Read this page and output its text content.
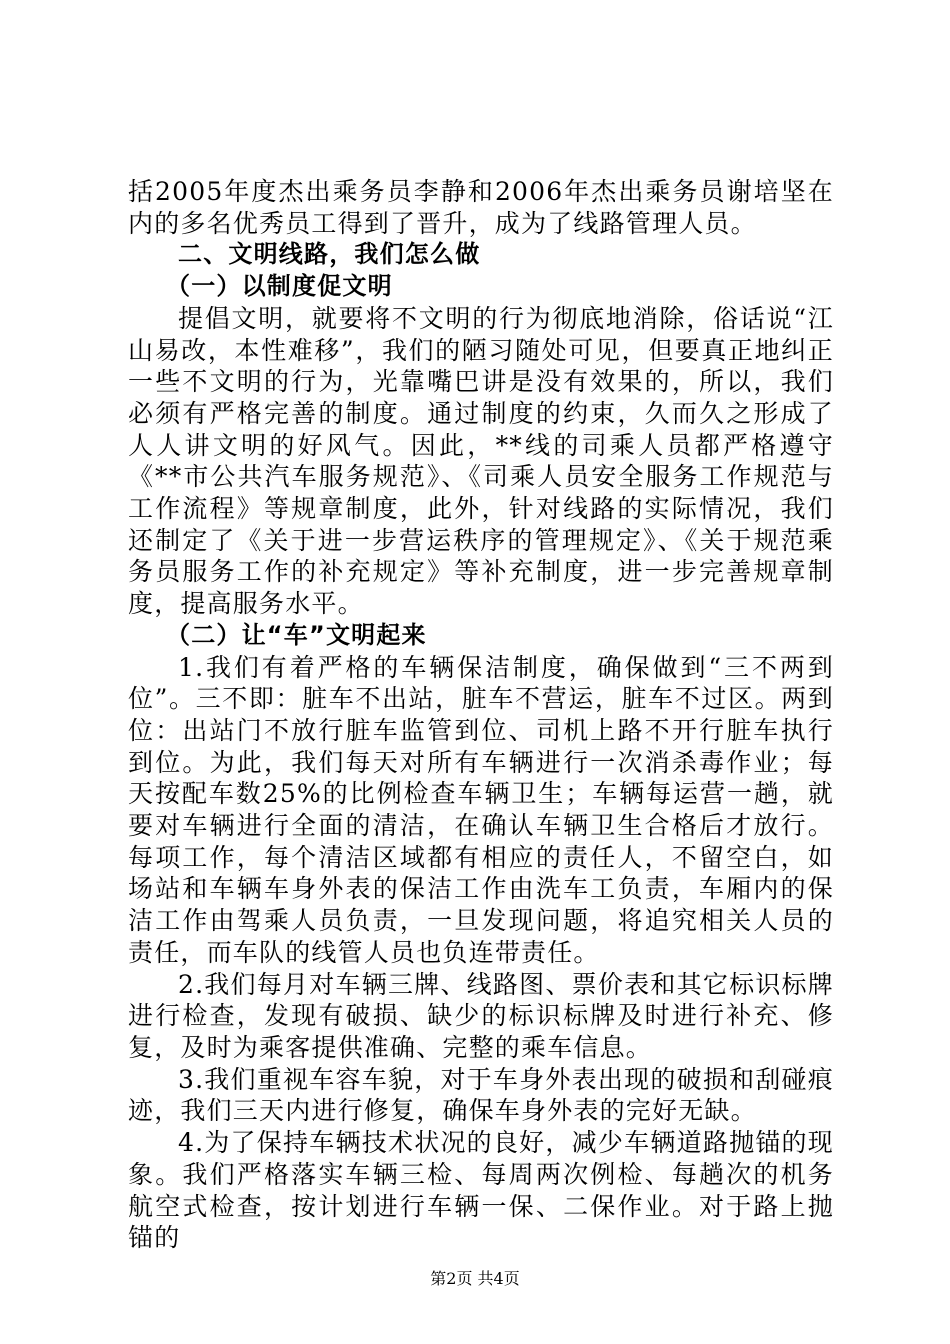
括2005年度杰出乘务员李静和2006年杰出乘务员谢培坚在内的多名优秀员工得到了晋升，成为了线路管理人员。

二、文明线路，我们怎么做

（一）以制度促文明

提倡文明，就要将不文明的行为彻底地消除，俗话说“江山易改，本性难移”，我们的陋习随处可见，但要真正地纠正一些不文明的行为，光靠嘴巴讲是没有效果的，所以，我们必须有严格完善的制度。通过制度的约束，久而久之形成了人人讲文明的好风气。因此，**线的司乘人员都严格遵守《**市公共汽车服务规范》、《司乘人员安全服务工作规范与工作流程》等规章制度，此外，针对线路的实际情况，我们还制定了《关于进一步营运秩序的管理规定》、《关于规范乘务员服务工作的补充规定》等补充制度，进一步完善规章制度，提高服务水平。

（二）让“车”文明起来

1.我们有着严格的车辆保洁制度，确保做到“三不两到位”。三不即：脏车不出站，脏车不营运，脏车不过区。两到位：出站门不放行脏车监管到位、司机上路不开行脏车执行到位。为此，我们每天对所有车辆进行一次消杀毒作业；每天按配车数25%的比例检查车辆卫生；车辆每运营一趟，就要对车辆进行全面的清洁，在确认车辆卫生合格后才放行。每项工作，每个清洁区域都有相应的责任人，不留空白，如场站和车辆车身外表的保洁工作由洗车工负责，车厢内的保洁工作由驾乘人员负责，一旦发现问题，将追究相关人员的责任，而车队的线管人员也负连带责任。

2.我们每月对车辆三牌、线路图、票价表和其它标识标牌进行检查，发现有破损、缺少的标识标牌及时进行补充、修复，及时为乘客提供准确、完整的乘车信息。

3.我们重视车容车貌，对于车身外表出现的破损和刮碰痕迹，我们三天内进行修复，确保车身外表的完好无缺。

4.为了保持车辆技术状况的良好，减少车辆道路抛锚的现象。我们严格落实车辆三检、每周两次例检、每趟次的机务航空式检查，按计划进行车辆一保、二保作业。对于路上抛锚的

第2页 共4页
